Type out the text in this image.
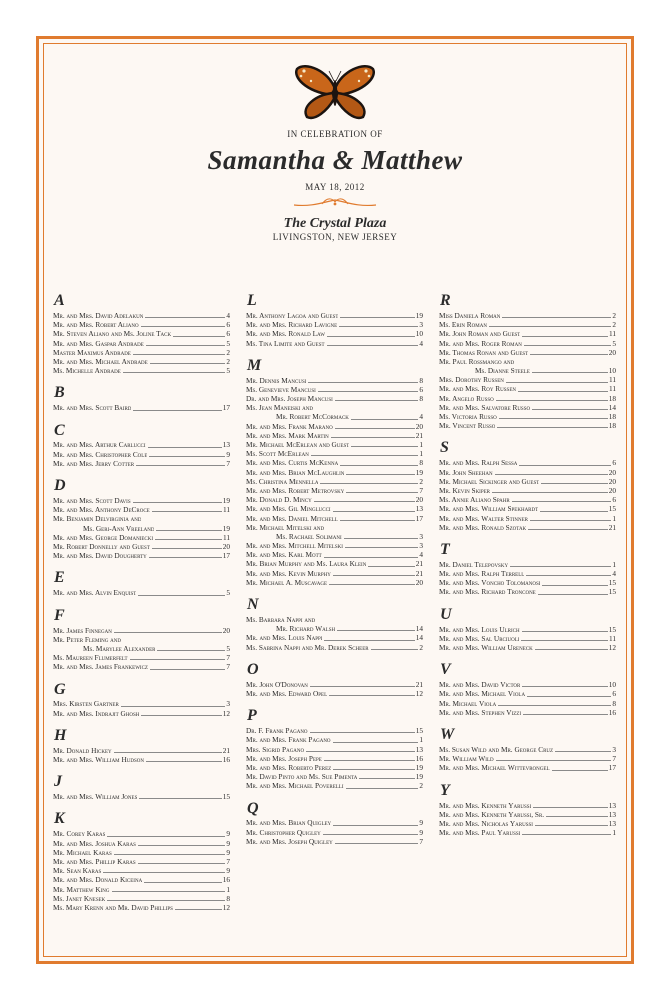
IN CELEBRATION OF
Samantha & Matthew
MAY 18, 2012
The Crystal Plaza
LIVINGSTON, NEW JERSEY
A
Mr. and Mrs. David Adelakun	4
Mr. and Mrs. Robert Aliano	6
Mr. Steven Aliano and Ms. Joline Tack	6
Mr. and Mrs. Gaspar Andrade	5
Master Maximus Andrade	2
Mr. and Mrs. Michael Andrade	2
Ms. Michelle Andrade	5
B
Mr. and Mrs. Scott Baird	17
C
Mr. and Mrs. Arthur Carlucci	13
Mr. and Mrs. Christopher Cole	9
Mr. and Mrs. Jerry Cotter	7
D
Mr. and Mrs. Scott Davis	19
Mr. and Mrs. Anthony DeCroce	11
Mr. Benjamin Delvirginia and
Ms. Geri-Ann Vreeland	19
Mr. and Mrs. George Domaniecki	11
Mr. Robert Donnelly and Guest	20
Mr. and Mrs. David Dougherty	17
E
Mr. and Mrs. Alvin Enquist	5
F
Mr. James Finnegan	20
Mr. Peter Fleming and
Ms. Marylee Alexander	5
Ms. Maureen Flumerfelt	7
Mr. and Mrs. James Frankewicz	7
G
Mrs. Kirsten Gartner	3
Mr. and Mrs. Indrajit Ghosh	12
H
Mr. Donald Hickey	21
Mr. and Mrs. William Hudson	16
J
Mr. and Mrs. William Jones	15
K
Mr. Corey Karas	9
Mr. and Mrs. Joshua Karas	9
Mr. Michael Karas	9
Mr. and Mrs. Phillip Karas	7
Mr. Sean Karas	9
Mr. and Mrs. Donald Kiceina	16
Mr. Matthew King	1
Ms. Janet Knesek	8
Ms. Mary Krenn and Mr. David Phillips	12
L
Mr. Anthony Lagoa and Guest	19
Mr. and Mrs. Richard Lavigne	3
Mr. and Mrs. Ronald Law	10
Ms. Tina Limite and Guest	4
M
Mr. Dennis Mancusi	8
Ms. Genevieve Mancusi	6
Dr. and Mrs. Joseph Mancusi	8
Ms. Jean Maneiski and
Mr. Robert McCormack	4
Mr. and Mrs. Frank Marano	20
Mr. and Mrs. Mark Martin	21
Mr. Michael McErlean and Guest	1
Ms. Scott McErlean	1
Mr. and Mrs. Curtis McKenna	8
Mr. and Mrs. Brian McLaughlin	19
Ms. Christina Mennella	2
Mr. and Mrs. Robert Metrovsky	7
Mr. Donald D. Mincy	20
Mr. and Mrs. Gil Minglucci	13
Mr. and Mrs. Daniel Mitchell	17
Mr. Michael Mitelski and
Ms. Rachael Solimani	3
Mr. and Mrs. Mitchell Mitelski	3
Mr. and Mrs. Karl Mott	4
Mr. Brian Murphy and Ms. Laura Klein	21
Mr. and Mrs. Kevin Murphy	21
Mr. Michael A. Muscavage	20
N
Ms. Barbara Nappi and
Mr. Richard Walsh	14
Mr. and Mrs. Louis Nappi	14
Ms. Sabrina Nappi and Mr. Derek Scheer	2
O
Mr. John O'Donovan	21
Mr. and Mrs. Edward Opel	12
P
Dr. F. Frank Pagano	15
Mr. and Mrs. Frank Pagano	1
Mrs. Sigrid Pagano	13
Mr. and Mrs. Joseph Pepe	16
Mr. and Mrs. Roberto Perez	19
Mr. David Pinto and Ms. Sue Pimenta	19
Mr. and Mrs. Michael Poverelli	2
Q
Mr. and Mrs. Brian Quigley	9
Mr. Christopher Quigley	9
Mr. and Mrs. Joseph Quigley	7
R
Miss Daniela Roman	2
Ms. Erin Roman	2
Mr. John Roman and Guest	11
Mr. and Mrs. Roger Roman	5
Mr. Thomas Ronan and Guest	20
Mr. Paul Rossmango and
Ms. Dianne Steele	10
Mrs. Dorothy Russen	11
Mr. and Mrs. Roy Russen	11
Mr. Angelo Russo	18
Mr. and Mrs. Salvatore Russo	14
Ms. Victoria Russo	18
Mr. Vincent Russo	18
S
Mr. and Mrs. Ralph Sessa	6
Mr. John Sheehan	20
Mr. Michael Sickinger and Guest	20
Mr. Kevin Skiper	20
Ms. Annie Aliano Spahr	6
Mr. and Mrs. William Spekhardt	15
Mr. and Mrs. Walter Stinner	1
Mr. and Mrs. Ronald Szotak	21
T
Mr. Daniel Telepovsky	1
Mr. and Mrs. Ralph Terrell	4
Mr. and Mrs. Voncho Tolomanosi	15
Mr. and Mrs. Richard Troncone	15
U
Mr. and Mrs. Louis Ulrich	15
Mr. and Mrs. Sal Urciuoli	11
Mr. and Mrs. William Ureneck	12
V
Mr. and Mrs. David Victor	10
Mr. and Mrs. Michael Viola	6
Mr. Michael Viola	8
Mr. and Mrs. Stephen Vizzi	16
W
Ms. Susan Wild and Mr. George Cruz	3
Mr. William Wild	7
Mr. and Mrs. Michael Wittevrongel	17
Y
Mr. and Mrs. Kenneth Yarussi	13
Mr. and Mrs. Kenneth Yarussi, Sr.	13
Mr. and Mrs. Nicholas Yarussi	13
Mr. and Mrs. Paul Yarussi	1
